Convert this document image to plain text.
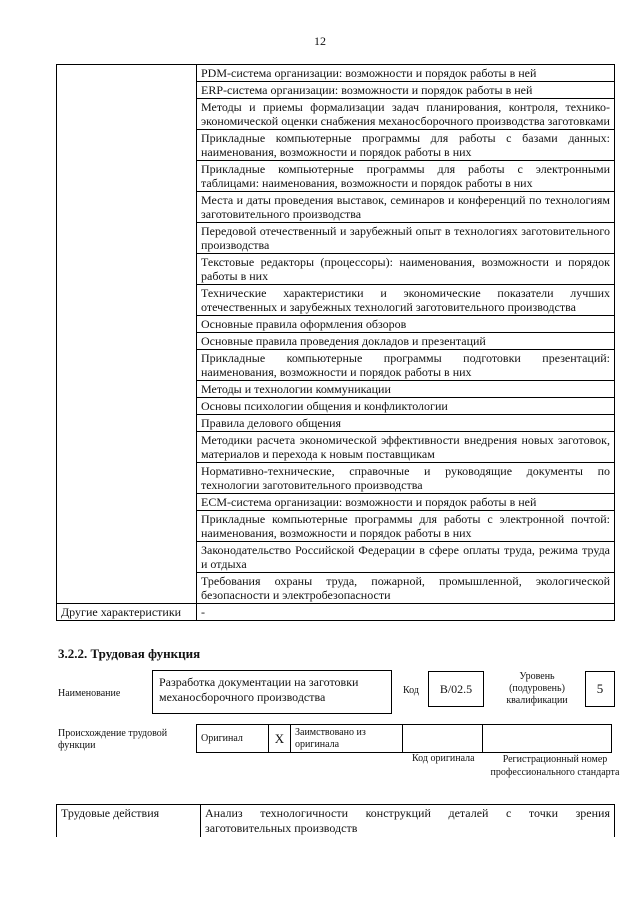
12
	PDM-система организации: возможности и порядок работы в ней
	ERP-система организации: возможности и порядок работы в ней
	Методы и приемы формализации задач планирования, контроля, технико-экономической оценки снабжения механосборочного производства заготовками
	Прикладные компьютерные программы для работы с базами данных: наименования, возможности и порядок работы в них
	Прикладные компьютерные программы для работы с электронными таблицами: наименования, возможности и порядок работы в них
	Места и даты проведения выставок, семинаров и конференций по технологиям заготовительного производства
	Передовой отечественный и зарубежный опыт в технологиях заготовительного производства
	Текстовые редакторы (процессоры): наименования, возможности и порядок работы в них
	Технические характеристики и экономические показатели лучших отечественных и зарубежных технологий заготовительного производства
	Основные правила оформления обзоров
	Основные правила проведения докладов и презентаций
	Прикладные компьютерные программы подготовки презентаций: наименования, возможности и порядок работы в них
	Методы и технологии коммуникации
	Основы психологии общения и конфликтологии
	Правила делового общения
	Методики расчета экономической эффективности внедрения новых заготовок, материалов и перехода к новым поставщикам
	Нормативно-технические, справочные и руководящие документы по технологии заготовительного производства
	ECM-система организации: возможности и порядок работы в ней
	Прикладные компьютерные программы для работы с электронной почтой: наименования, возможности и порядок работы в них
	Законодательство Российской Федерации в сфере оплаты труда, режима труда и отдыха
	Требования охраны труда, пожарной, промышленной, экологической безопасности и электробезопасности
Другие характеристики	-
3.2.2. Трудовая функция
Наименование
Разработка документации на заготовки механосборочного производства	Код	B/02.5
Уровень (подуровень) квалификации
5
Происхождение трудовой функции
Оригинал	X	Заимствовано из оригинала		
Код оригинала	Регистрационный номер профессионального стандарта
Трудовые действия	Анализ технологичности конструкций деталей с точки зрения заготовительных производств
